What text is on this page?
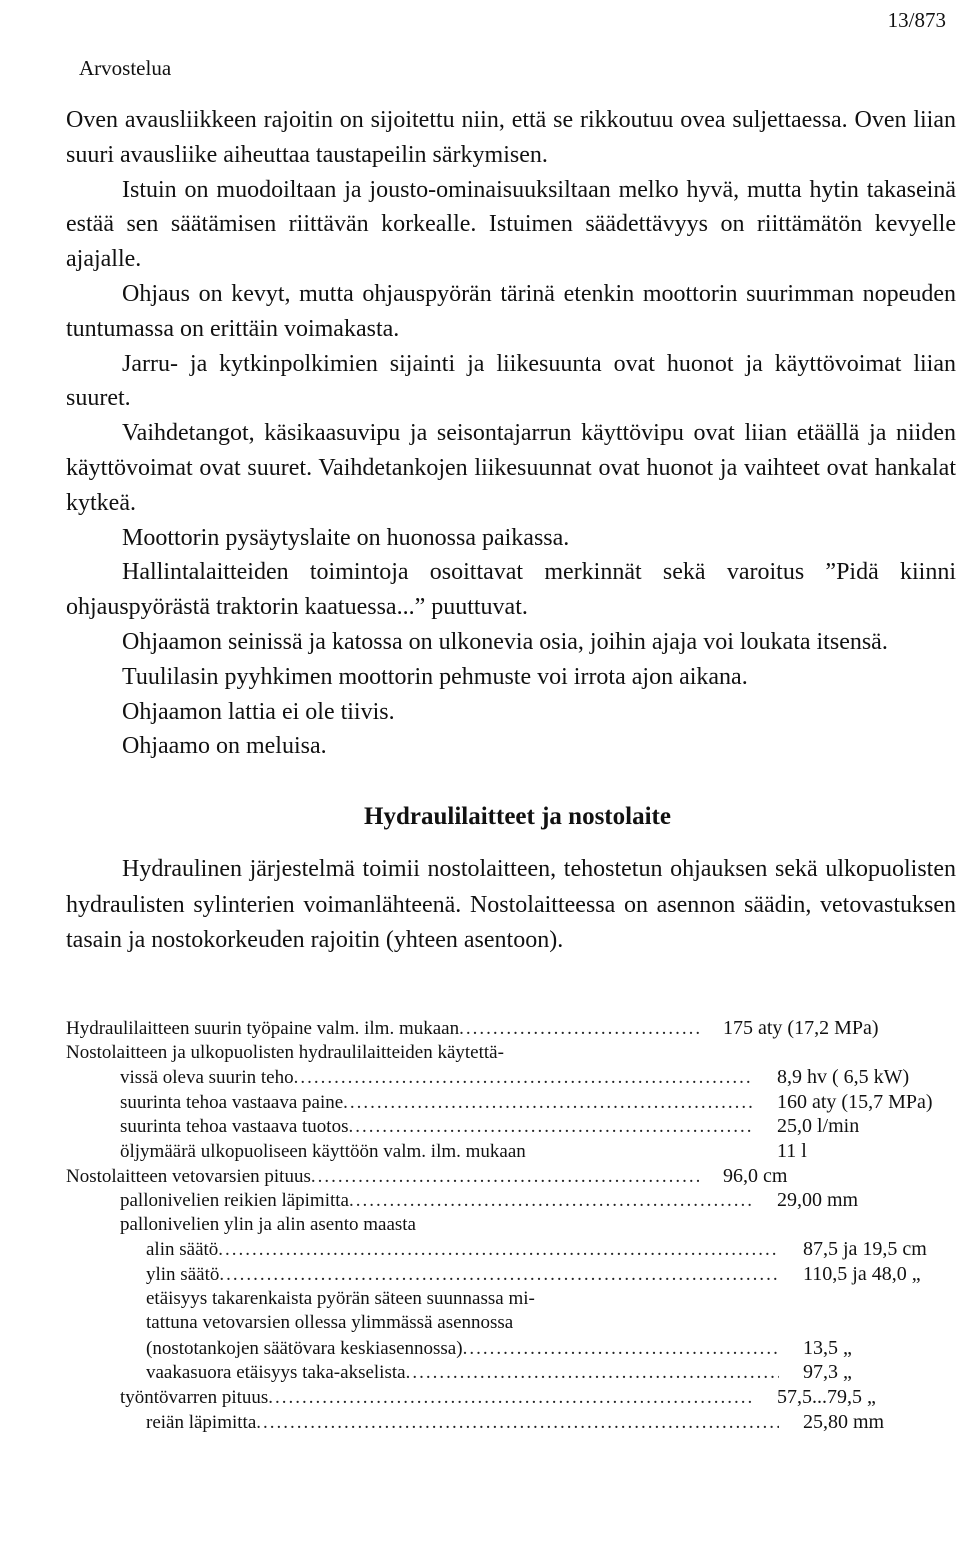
13/873
Arvostelua

Oven avausliikkeen rajoitin on sijoitettu niin, että se rikkoutuu ovea suljettaessa. Oven liian suuri avausliike aiheuttaa taustapeilin särkymisen.

Istuin on muodoiltaan ja jousto-ominaisuuksiltaan melko hyvä, mutta hytin takaseinä estää sen säätämisen riittävän korkealle. Istuimen säädettävyys on riittämätön kevyelle ajajalle.

Ohjaus on kevyt, mutta ohjauspyörän tärinä etenkin moottorin suurimman nopeuden tuntumassa on erittäin voimakasta.

Jarru- ja kytkinpolkimien sijainti ja liikesuunta ovat huonot ja käyttövoimat liian suuret.

Vaihdetangot, käsikaasuvipu ja seisontajarrun käyttövipu ovat liian etäällä ja niiden käyttövoimat ovat suuret. Vaihdetankojen liikesuunnat ovat huonot ja vaihteet ovat hankalat kytkeä.

Moottorin pysäytyslaite on huonossa paikassa.

Hallintalaitteiden toimintoja osoittavat merkinnät sekä varoitus ”Pidä kiinni ohjauspyörästä traktorin kaatuessa...” puuttuvat.

Ohjaamon seinissä ja katossa on ulkonevia osia, joihin ajaja voi loukata itsensä.

Tuulilasin pyyhkimen moottorin pehmuste voi irrota ajon aikana.

Ohjaamon lattia ei ole tiivis.

Ohjaamo on meluisa.

Hydraulilaitteet ja nostolaite

Hydraulinen järjestelmä toimii nostolaitteen, tehostetun ohjauksen sekä ulkopuolisten hydraulisten sylinterien voimanlähteenä. Nostolaitteessa on asennon säädin, vetovastuksen tasain ja nostokorkeuden rajoitin (yhteen asentoon).

Hydraulilaitteen suurin työpaine valm. ilm. mukaan .....	175 aty (17,2 MPa)
Nostolaitteen ja ulkopuolisten hydraulilaitteiden käytettä-
vissä oleva suurin teho .....	8,9 hv ( 6,5 kW)
suurinta tehoa vastaava paine .....	160 aty (15,7 MPa)
suurinta tehoa vastaava tuotos .....	25,0 l/min
öljymäärä ulkopuoliseen käyttöön valm. ilm. mukaan	11 l
Nostolaitteen vetovarsien pituus .....	96,0 cm
pallonivelien reikien läpimitta .....	29,00 mm
pallonivelien ylin ja alin asento maasta
alin säätö .....	87,5 ja 19,5 cm
ylin säätö .....	110,5 ja 48,0 „
etäisyys takarenkaista pyörän säteen suunnassa mi-
tattuna vetovarsien ollessa ylimmässä asennossa
(nostotankojen säätövara keskiasennossa) .....	13,5 „
vaakasuora etäisyys taka-akselista .....	97,3 „
työntövarren pituus .....	57,5...79,5 „
reiän läpimitta .....	25,80 mm
